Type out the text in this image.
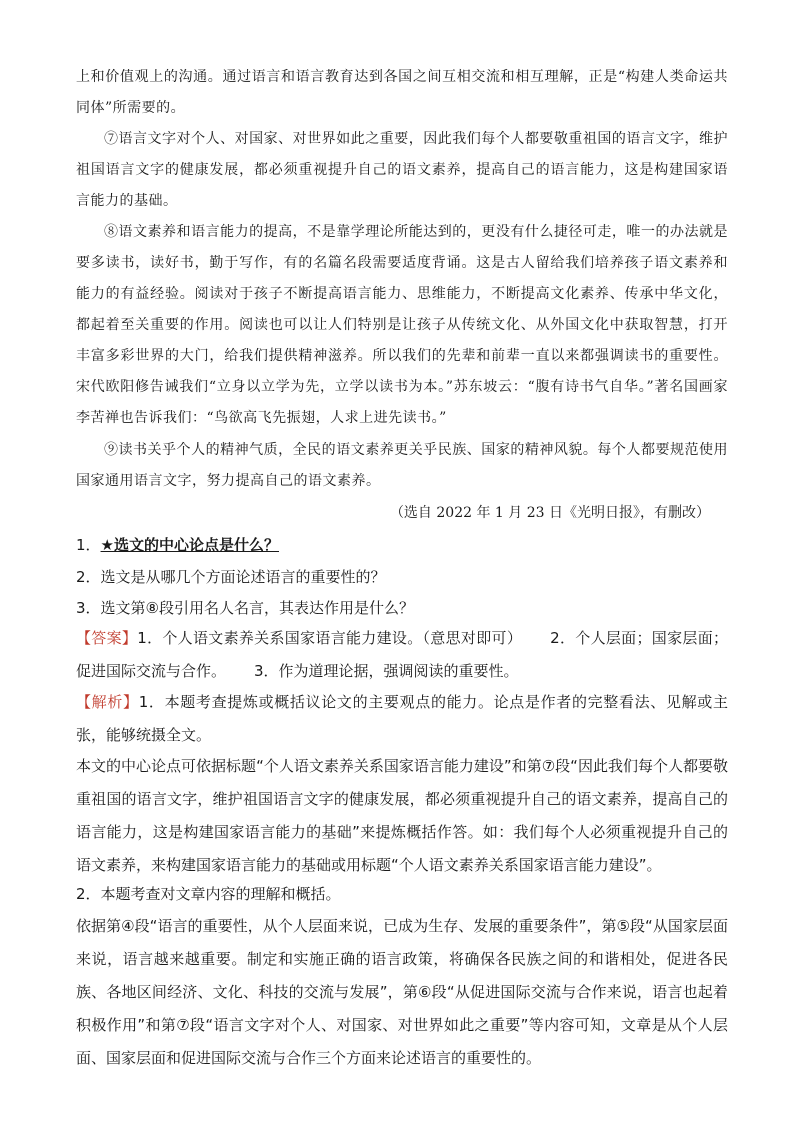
上和价值观上的沟通。通过语言和语言教育达到各国之间互相交流和相互理解，正是“构建人类命运共同体”所需要的。

⑦语言文字对个人、对国家、对世界如此之重要，因此我们每个人都要敬重祖国的语言文字，维护祖国语言文字的健康发展，都必须重视提升自己的语文素养，提高自己的语言能力，这是构建国家语言能力的基础。

⑧语文素养和语言能力的提高，不是靠学理论所能达到的，更没有什么捷径可走，唯一的办法就是要多读书，读好书，勤于写作，有的名篇名段需要适度背诵。这是古人留给我们培养孩子语文素养和能力的有益经验。阅读对于孩子不断提高语言能力、思维能力，不断提高文化素养、传承中华文化，都起着至关重要的作用。阅读也可以让人们特别是让孩子从传统文化、从外国文化中获取智慧，打开丰富多彩世界的大门，给我们提供精神滋养。所以我们的先辈和前辈一直以来都强调读书的重要性。宋代欧阳修告诫我们“立身以立学为先，立学以读书为本。”苏东坡云：“腹有诗书气自华。”著名国画家李苦禅也告诉我们：“鸟欲高飞先振翅，人求上进先读书。”

⑨读书关乎个人的精神气质，全民的语文素养更关乎民族、国家的精神风貌。每个人都要规范使用国家通用语言文字，努力提高自己的语文素养。

（选自 2022 年 1 月 23 日《光明日报》，有删改）

1．★选文的中心论点是什么？

2．选文是从哪几个方面论述语言的重要性的？

3．选文第⑧段引用名人名言，其表达作用是什么？

【答案】1．个人语文素养关系国家语言能力建设。（意思对即可） 2．个人层面；国家层面；促进国际交流与合作。 3．作为道理论据，强调阅读的重要性。

【解析】1．本题考查提炼或概括议论文的主要观点的能力。论点是作者的完整看法、见解或主张，能够统摄全文。

本文的中心论点可依据标题“个人语文素养关系国家语言能力建设”和第⑦段“因此我们每个人都要敬重祖国的语言文字，维护祖国语言文字的健康发展，都必须重视提升自己的语文素养，提高自己的语言能力，这是构建国家语言能力的基础”来提炼概括作答。如：我们每个人必须重视提升自己的语文素养，来构建国家语言能力的基础或用标题“个人语文素养关系国家语言能力建设”。

2．本题考查对文章内容的理解和概括。

依据第④段“语言的重要性，从个人层面来说，已成为生存、发展的重要条件”，第⑤段“从国家层面来说，语言越来越重要。制定和实施正确的语言政策，将确保各民族之间的和谐相处，促进各民族、各地区间经济、文化、科技的交流与发展”，第⑥段“从促进国际交流与合作来说，语言也起着积极作用”和第⑦段“语言文字对个人、对国家、对世界如此之重要”等内容可知，文章是从个人层面、国家层面和促进国际交流与合作三个方面来论述语言的重要性的。
